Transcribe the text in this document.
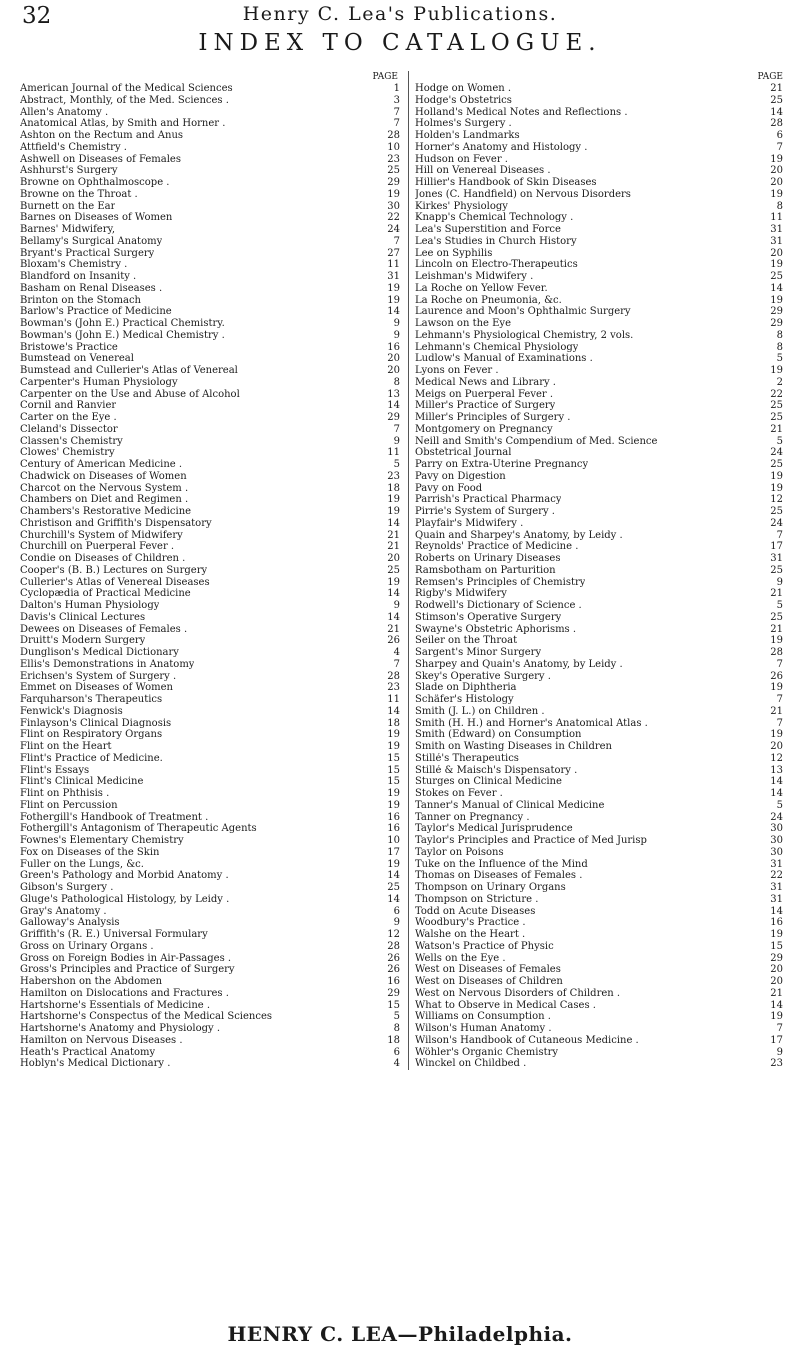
32	Henry C. Lea's Publications.
INDEX TO CATALOGUE.
PAGE
American Journal of the Medical Sciences	1
Abstract, Monthly, of the Med. Sciences .	3
Allen's Anatomy .	7
Anatomical Atlas, by Smith and Horner .	7
Ashton on the Rectum and Anus	28
Attfield's Chemistry .	10
Ashwell on Diseases of Females	23
Ashhurst's Surgery	25
Browne on Ophthalmoscope .	29
Browne on the Throat .	19
Burnett on the Ear	30
Barnes on Diseases of Women	22
Barnes' Midwifery,	24
Bellamy's Surgical Anatomy	7
Bryant's Practical Surgery	27
Bloxam's Chemistry .	11
Blandford on Insanity .	31
Basham on Renal Diseases .	19
Brinton on the Stomach	19
Barlow's Practice of Medicine	14
Bowman's (John E.) Practical Chemistry.	9
Bowman's (John E.) Medical Chemistry .	9
Bristowe's Practice	16
Bumstead on Venereal	20
Bumstead and Cullerier's Atlas of Venereal	20
Carpenter's Human Physiology	8
Carpenter on the Use and Abuse of Alcohol	13
Cornil and Ranvier	14
Carter on the Eye .	29
Cleland's Dissector	7
Classen's Chemistry	9
Clowes' Chemistry	11
Century of American Medicine .	5
Chadwick on Diseases of Women	23
Charcot on the Nervous System .	18
Chambers on Diet and Regimen .	19
Chambers's Restorative Medicine	19
Christison and Griffith's Dispensatory	14
Churchill's System of Midwifery	21
Churchill on Puerperal Fever .	21
Condie on Diseases of Children .	20
Cooper's (B. B.) Lectures on Surgery	25
Cullerier's Atlas of Venereal Diseases	19
Cyclopædia of Practical Medicine	14
Dalton's Human Physiology	9
Davis's Clinical Lectures	14
Dewees on Diseases of Females .	21
Druitt's Modern Surgery	26
Dunglison's Medical Dictionary	4
Ellis's Demonstrations in Anatomy	7
Erichsen's System of Surgery .	28
Emmet on Diseases of Women	23
Farquharson's Therapeutics	11
Fenwick's Diagnosis	14
Finlayson's Clinical Diagnosis	18
Flint on Respiratory Organs	19
Flint on the Heart	19
Flint's Practice of Medicine.	15
Flint's Essays	15
Flint's Clinical Medicine	15
Flint on Phthisis .	19
Flint on Percussion	19
Fothergill's Handbook of Treatment .	16
Fothergill's Antagonism of Therapeutic Agents	16
Fownes's Elementary Chemistry	10
Fox on Diseases of the Skin	17
Fuller on the Lungs, &c.	19
Green's Pathology and Morbid Anatomy .	14
Gibson's Surgery .	25
Gluge's Pathological Histology, by Leidy .	14
Gray's Anatomy .	6
Galloway's Analysis	9
Griffith's (R. E.) Universal Formulary	12
Gross on Urinary Organs .	28
Gross on Foreign Bodies in Air-Passages .	26
Gross's Principles and Practice of Surgery	26
Habershon on the Abdomen	16
Hamilton on Dislocations and Fractures .	29
Hartshorne's Essentials of Medicine .	15
Hartshorne's Conspectus of the Medical Sciences	5
Hartshorne's Anatomy and Physiology .	8
Hamilton on Nervous Diseases .	18
Heath's Practical Anatomy	6
Hoblyn's Medical Dictionary .	4
PAGE
Hodge on Women .	21
Hodge's Obstetrics	25
Holland's Medical Notes and Reflections .	14
Holmes's Surgery .	28
Holden's Landmarks	6
Horner's Anatomy and Histology .	7
Hudson on Fever .	19
Hill on Venereal Diseases .	20
Hillier's Handbook of Skin Diseases	20
Jones (C. Handfield) on Nervous Disorders	19
Kirkes' Physiology	8
Knapp's Chemical Technology .	11
Lea's Superstition and Force	31
Lea's Studies in Church History	31
Lee on Syphilis	20
Lincoln on Electro-Therapeutics	19
Leishman's Midwifery .	25
La Roche on Yellow Fever.	14
La Roche on Pneumonia, &c.	19
Laurence and Moon's Ophthalmic Surgery	29
Lawson on the Eye	29
Lehmann's Physiological Chemistry, 2 vols.	8
Lehmann's Chemical Physiology	8
Ludlow's Manual of Examinations .	5
Lyons on Fever .	19
Medical News and Library .	2
Meigs on Puerperal Fever .	22
Miller's Practice of Surgery	25
Miller's Principles of Surgery .	25
Montgomery on Pregnancy	21
Neill and Smith's Compendium of Med. Science	5
Obstetrical Journal	24
Parry on Extra-Uterine Pregnancy	25
Pavy on Digestion	19
Pavy on Food	19
Parrish's Practical Pharmacy	12
Pirrie's System of Surgery .	25
Playfair's Midwifery .	24
Quain and Sharpey's Anatomy, by Leidy .	7
Reynolds' Practice of Medicine .	17
Roberts on Urinary Diseases	31
Ramsbotham on Parturition	25
Remsen's Principles of Chemistry	9
Rigby's Midwifery	21
Rodwell's Dictionary of Science .	5
Stimson's Operative Surgery	25
Swayne's Obstetric Aphorisms .	21
Seiler on the Throat	19
Sargent's Minor Surgery	28
Sharpey and Quain's Anatomy, by Leidy .	7
Skey's Operative Surgery .	26
Slade on Diphtheria	19
Schäfer's Histology	7
Smith (J. L.) on Children .	21
Smith (H. H.) and Horner's Anatomical Atlas .	7
Smith (Edward) on Consumption	19
Smith on Wasting Diseases in Children	20
Stillé's Therapeutics	12
Stillé & Maisch's Dispensatory .	13
Sturges on Clinical Medicine	14
Stokes on Fever .	14
Tanner's Manual of Clinical Medicine	5
Tanner on Pregnancy .	24
Taylor's Medical Jurisprudence	30
Taylor's Principles and Practice of Med Jurisp	30
Taylor on Poisons	30
Tuke on the Influence of the Mind	31
Thomas on Diseases of Females .	22
Thompson on Urinary Organs	31
Thompson on Stricture .	31
Todd on Acute Diseases	14
Woodbury's Practice .	16
Walshe on the Heart .	19
Watson's Practice of Physic	15
Wells on the Eye .	29
West on Diseases of Females	20
West on Diseases of Children	20
West on Nervous Disorders of Children .	21
What to Observe in Medical Cases .	14
Williams on Consumption .	19
Wilson's Human Anatomy .	7
Wilson's Handbook of Cutaneous Medicine .	17
Wöhler's Organic Chemistry	9
Winckel on Childbed .	23
HENRY C. LEA—Philadelphia.
